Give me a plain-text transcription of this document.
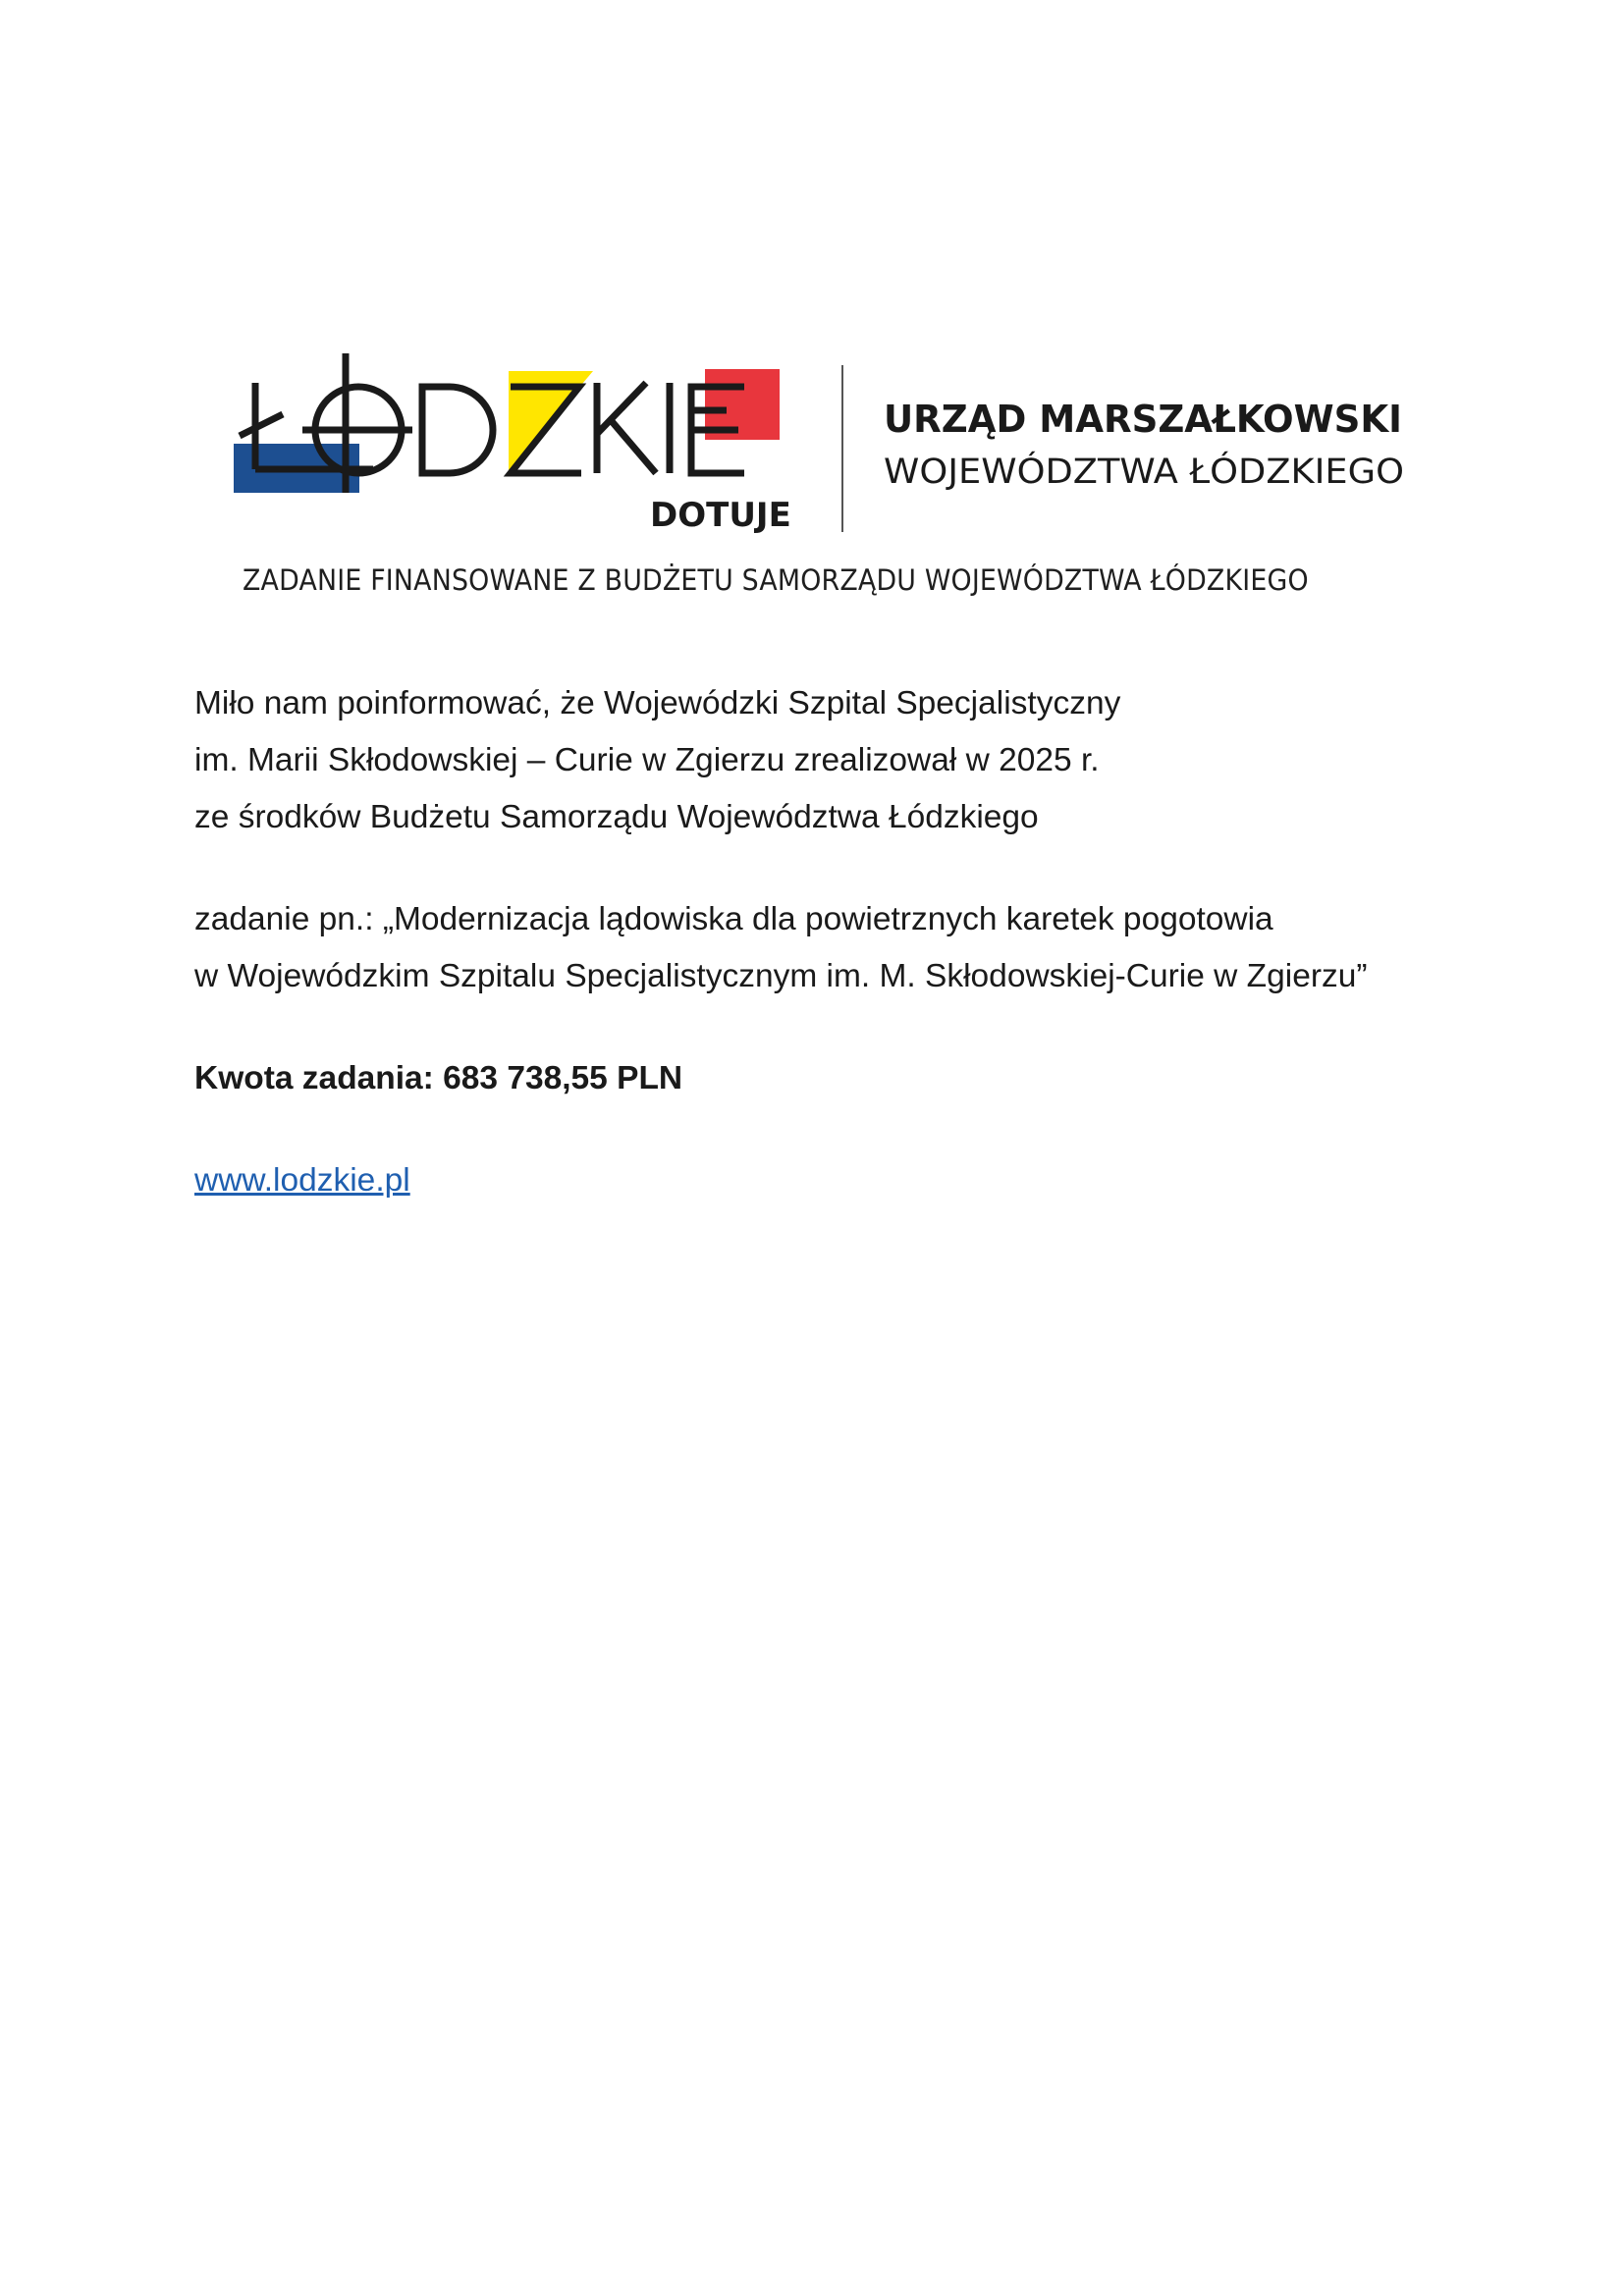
DOTUJE
URZĄD MARSZAŁKOWSKI
WOJEWÓDZTWA ŁÓDZKIEGO
ZADANIE FINANSOWANE Z BUDŻETU SAMORZĄDU WOJEWÓDZTWA ŁÓDZKIEGO

Miło nam poinformować, że Wojewódzki Szpital Specjalistyczny
im. Marii Skłodowskiej – Curie w Zgierzu zrealizował w 2025 r.
ze środków Budżetu Samorządu Województwa Łódzkiego

zadanie pn.: „Modernizacja lądowiska dla powietrznych karetek pogotowia
w Wojewódzkim Szpitalu Specjalistycznym im. M. Skłodowskiej-Curie w Zgierzu”

Kwota zadania: 683 738,55 PLN

www.lodzkie.pl
